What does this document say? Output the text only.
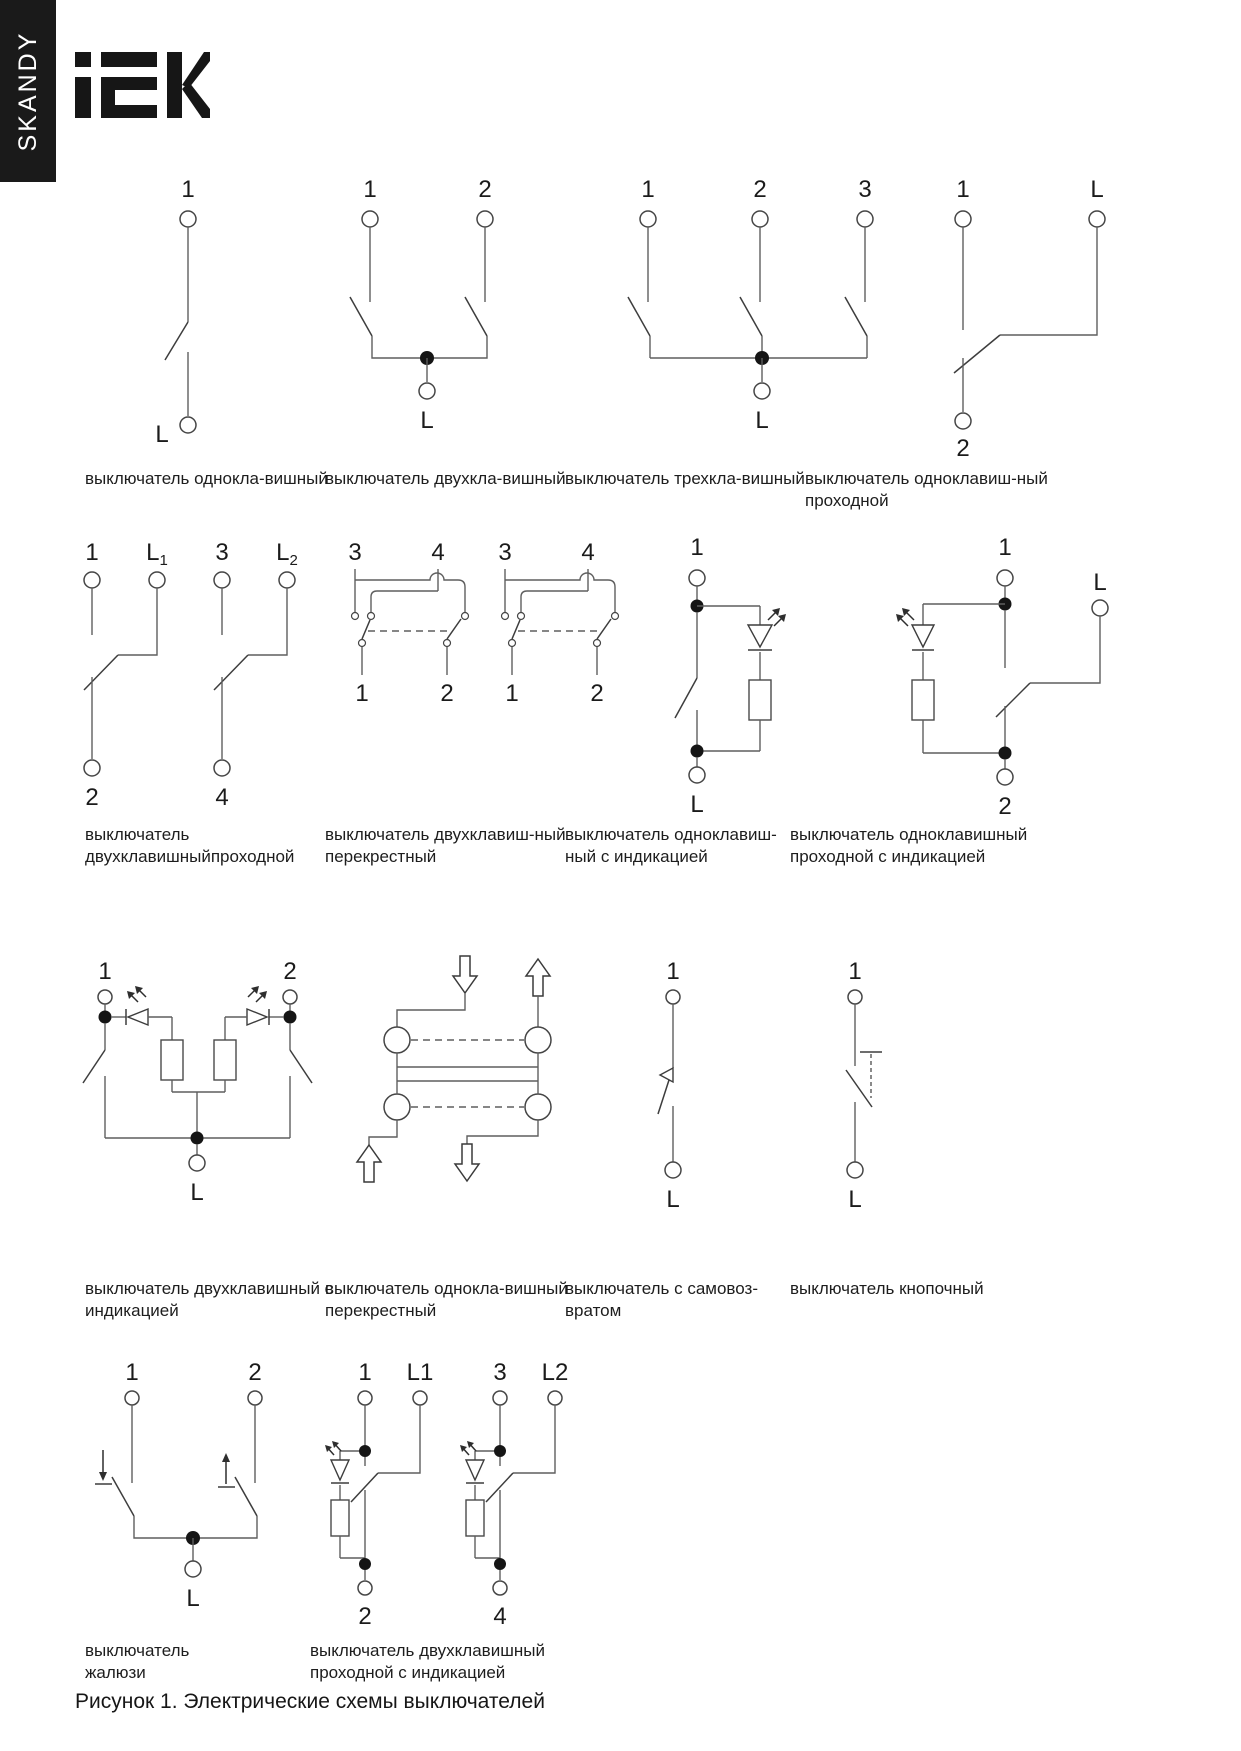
SKANDY
1
L
1	2
L
1	2	3
L
1	L
2
выключатель однокла-вишный
выключатель двухкла-вишный выключатель трехкла-вишный выключатель одноклавиш-ный
проходной
1 $L_1$
2
3 $L_2$
4
3	4
1	2
3	4
1	2
1
L
1
L
2
выключатель
двухклавишныйпроходной
выключатель двухклавиш-ный
перекрестный
выключатель одноклавиш-
ный с индикацией
выключатель одноклавишный
проходной с индикацией
1	2
L
1
L
1
L
выключатель двухклавишный с
индикацией
выключатель однокла-вишный
перекрестный
выключатель с самовоз-
вратом
выключатель кнопочный
1	2
L
1 L1
2
3 L2
4
выключатель
жалюзи
выключатель двухклавишный
проходной с индикацией
Рисунок 1. Электрические схемы выключателей
